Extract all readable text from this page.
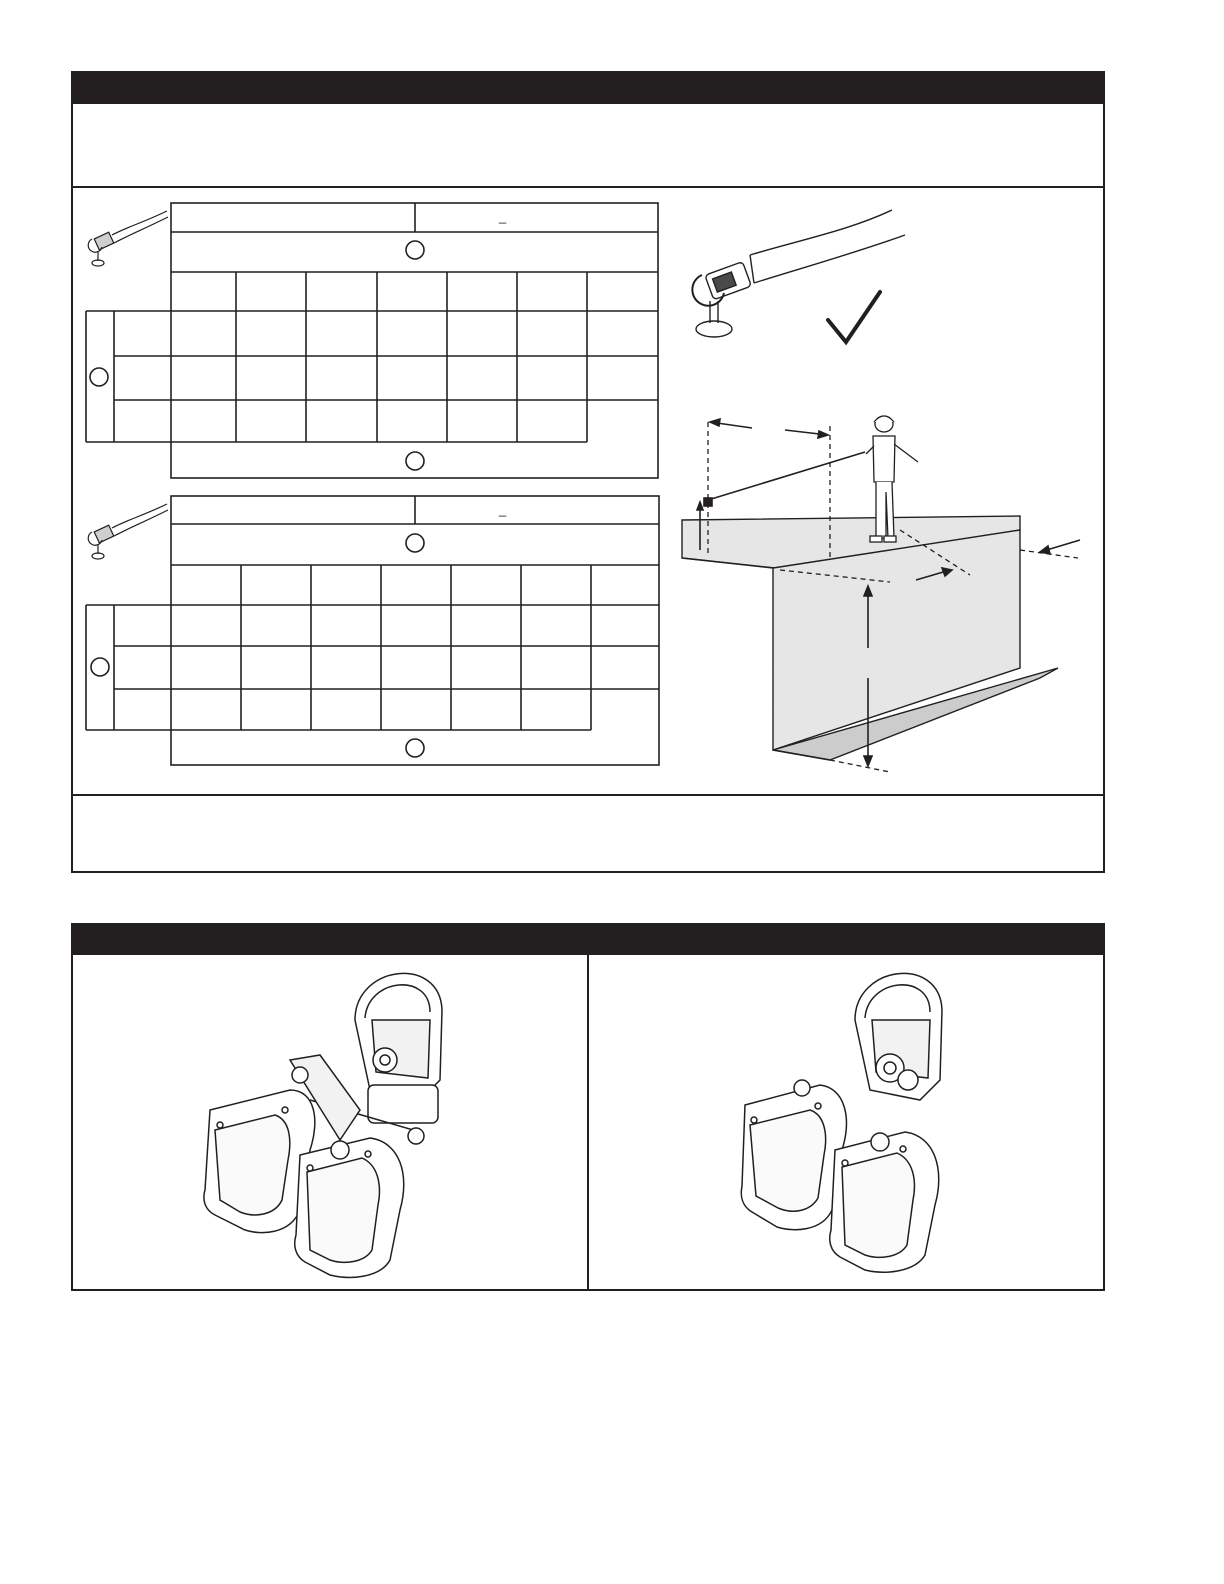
_
_
